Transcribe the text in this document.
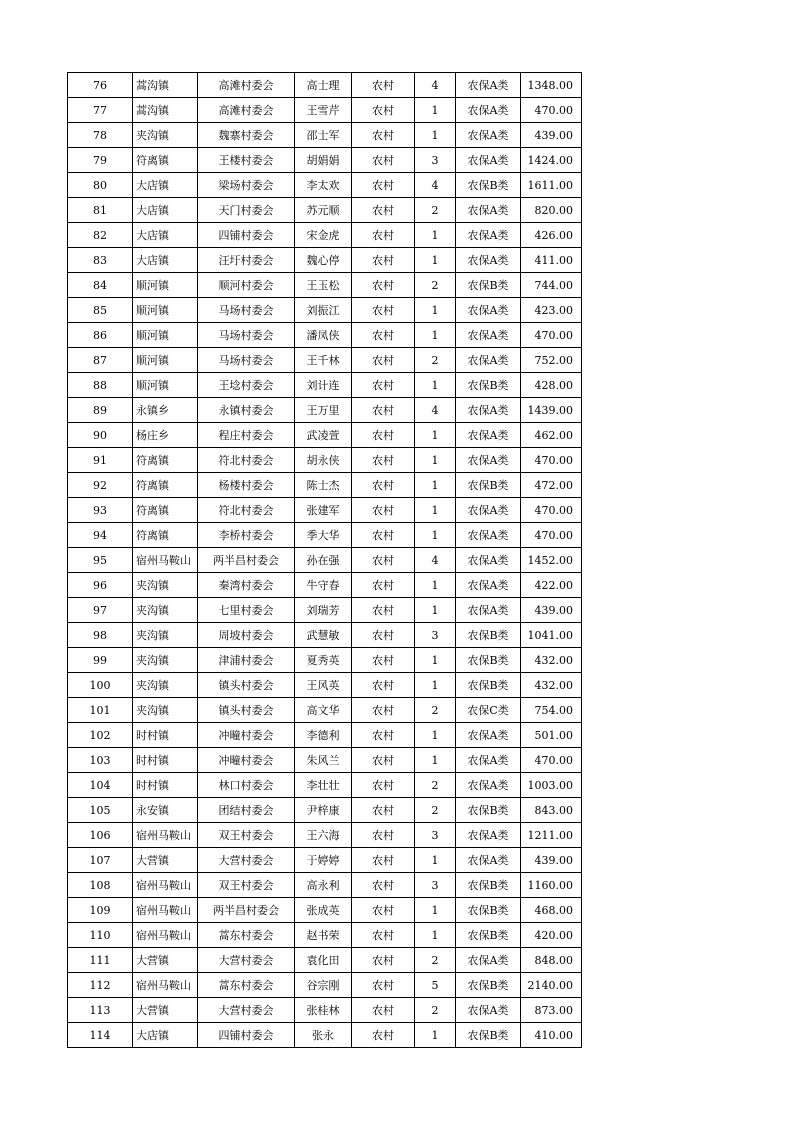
76	蒿沟镇	高滩村委会	高士理	农村	4	农保A类	1348.00
77	蒿沟镇	高滩村委会	王雪芹	农村	1	农保A类	470.00
78	夹沟镇	魏寨村委会	邵士军	农村	1	农保A类	439.00
79	符离镇	王楼村委会	胡娟娟	农村	3	农保A类	1424.00
80	大店镇	梁场村委会	李太欢	农村	4	农保B类	1611.00
81	大店镇	天门村委会	苏元顺	农村	2	农保A类	820.00
82	大店镇	四铺村委会	宋金虎	农村	1	农保A类	426.00
83	大店镇	汪圩村委会	魏心停	农村	1	农保A类	411.00
84	顺河镇	顺河村委会	王玉松	农村	2	农保B类	744.00
85	顺河镇	马场村委会	刘振江	农村	1	农保A类	423.00
86	顺河镇	马场村委会	潘凤侠	农村	1	农保A类	470.00
87	顺河镇	马场村委会	王千林	农村	2	农保A类	752.00
88	顺河镇	王埝村委会	刘计连	农村	1	农保B类	428.00
89	永镇乡	永镇村委会	王万里	农村	4	农保A类	1439.00
90	杨庄乡	程庄村委会	武凌萱	农村	1	农保A类	462.00
91	符离镇	符北村委会	胡永侠	农村	1	农保A类	470.00
92	符离镇	杨楼村委会	陈士杰	农村	1	农保B类	472.00
93	符离镇	符北村委会	张建军	农村	1	农保A类	470.00
94	符离镇	李桥村委会	季大华	农村	1	农保A类	470.00
95	宿州马鞍山	两半昌村委会	孙在强	农村	4	农保A类	1452.00
96	夹沟镇	秦湾村委会	牛守春	农村	1	农保A类	422.00
97	夹沟镇	七里村委会	刘瑞芳	农村	1	农保A类	439.00
98	夹沟镇	周坡村委会	武慧敏	农村	3	农保B类	1041.00
99	夹沟镇	津浦村委会	夏秀英	农村	1	农保B类	432.00
100	夹沟镇	镇头村委会	王风英	农村	1	农保B类	432.00
101	夹沟镇	镇头村委会	高文华	农村	2	农保C类	754.00
102	时村镇	冲疃村委会	李德利	农村	1	农保A类	501.00
103	时村镇	冲疃村委会	朱风兰	农村	1	农保A类	470.00
104	时村镇	林口村委会	李壮壮	农村	2	农保A类	1003.00
105	永安镇	团结村委会	尹梓康	农村	2	农保B类	843.00
106	宿州马鞍山	双王村委会	王六海	农村	3	农保A类	1211.00
107	大营镇	大营村委会	于婷婷	农村	1	农保A类	439.00
108	宿州马鞍山	双王村委会	高永利	农村	3	农保B类	1160.00
109	宿州马鞍山	两半昌村委会	张成英	农村	1	农保B类	468.00
110	宿州马鞍山	蒿东村委会	赵书荣	农村	1	农保B类	420.00
111	大营镇	大营村委会	袁化田	农村	2	农保A类	848.00
112	宿州马鞍山	蒿东村委会	谷宗刚	农村	5	农保B类	2140.00
113	大营镇	大营村委会	张桂林	农村	2	农保A类	873.00
114	大店镇	四铺村委会	张永	农村	1	农保B类	410.00
